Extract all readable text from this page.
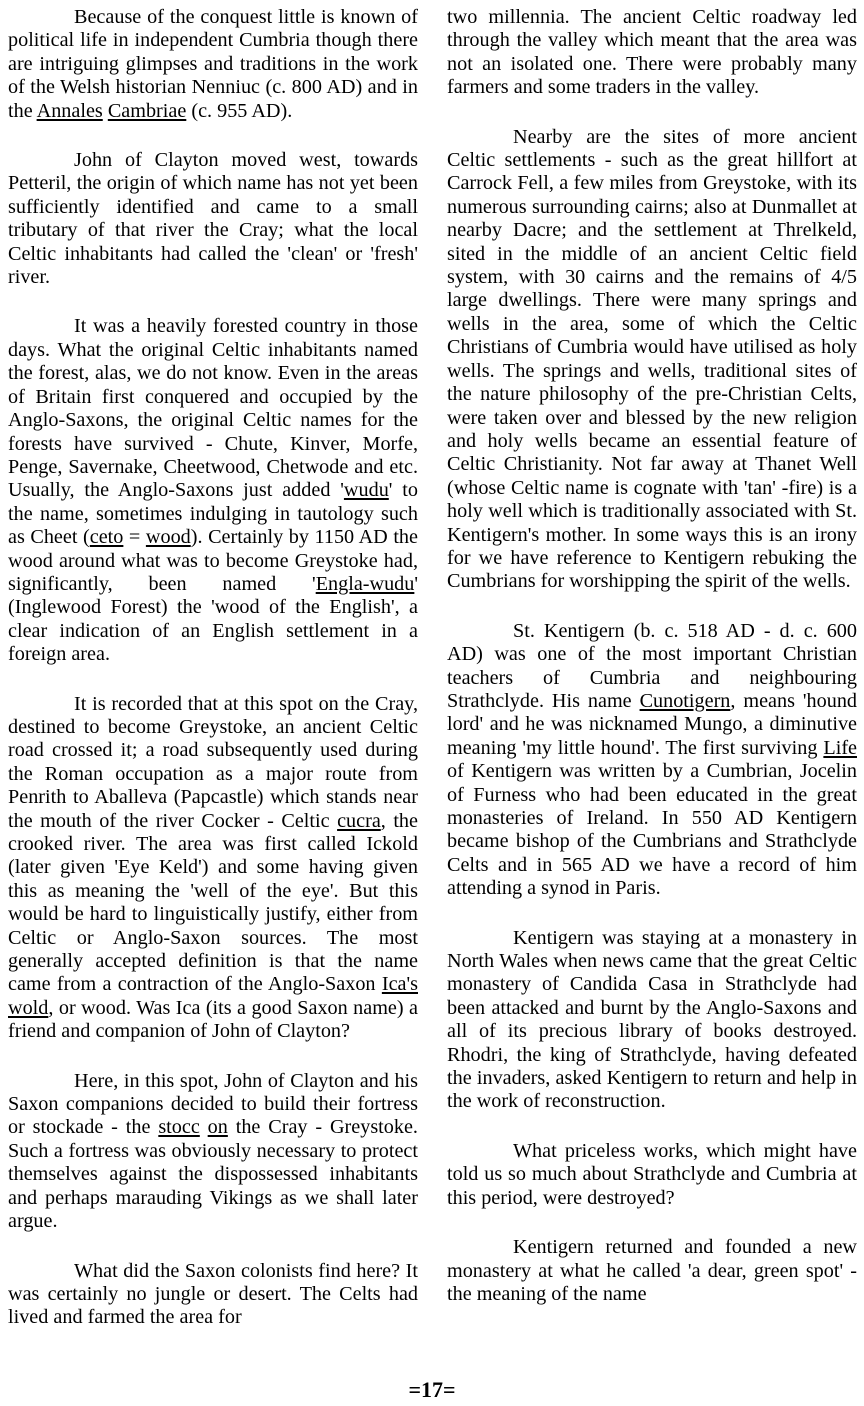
Because of the conquest little is known of political life in independent Cumbria though there are intriguing glimpses and traditions in the work of the Welsh historian Nenniuc (c. 800 AD) and in the Annales Cambriae (c. 955 AD).

John of Clayton moved west, towards Petteril, the origin of which name has not yet been sufficiently identified and came to a small tributary of that river the Cray; what the local Celtic inhabitants had called the 'clean' or 'fresh' river.

It was a heavily forested country in those days. What the original Celtic inhabitants named the forest, alas, we do not know. Even in the areas of Britain first conquered and occupied by the Anglo-Saxons, the original Celtic names for the forests have survived - Chute, Kinver, Morfe, Penge, Savernake, Cheetwood, Chetwode and etc. Usually, the Anglo-Saxons just added 'wudu' to the name, sometimes indulging in tautology such as Cheet (ceto = wood). Certainly by 1150 AD the wood around what was to become Greystoke had, significantly, been named 'Engla-wudu' (Inglewood Forest) the 'wood of the English', a clear indication of an English settlement in a foreign area.

It is recorded that at this spot on the Cray, destined to become Greystoke, an ancient Celtic road crossed it; a road subsequently used during the Roman occupation as a major route from Penrith to Aballeva (Papcastle) which stands near the mouth of the river Cocker - Celtic cucra, the crooked river. The area was first called Ickold (later given 'Eye Keld') and some having given this as meaning the 'well of the eye'. But this would be hard to linguistically justify, either from Celtic or Anglo-Saxon sources. The most generally accepted definition is that the name came from a contraction of the Anglo-Saxon Ica's wold, or wood. Was Ica (its a good Saxon name) a friend and companion of John of Clayton?

Here, in this spot, John of Clayton and his Saxon companions decided to build their fortress or stockade - the stocc on the Cray - Greystoke. Such a fortress was obviously necessary to protect themselves against the dispossessed inhabitants and perhaps marauding Vikings as we shall later argue.

What did the Saxon colonists find here? It was certainly no jungle or desert. The Celts had lived and farmed the area for

two millennia. The ancient Celtic roadway led through the valley which meant that the area was not an isolated one. There were probably many farmers and some traders in the valley.

Nearby are the sites of more ancient Celtic settlements - such as the great hillfort at Carrock Fell, a few miles from Greystoke, with its numerous surrounding cairns; also at Dunmallet at nearby Dacre; and the settlement at Threlkeld, sited in the middle of an ancient Celtic field system, with 30 cairns and the remains of 4/5 large dwellings. There were many springs and wells in the area, some of which the Celtic Christians of Cumbria would have utilised as holy wells. The springs and wells, traditional sites of the nature philosophy of the pre-Christian Celts, were taken over and blessed by the new religion and holy wells became an essential feature of Celtic Christianity. Not far away at Thanet Well (whose Celtic name is cognate with 'tan' -fire) is a holy well which is traditionally associated with St. Kentigern's mother. In some ways this is an irony for we have reference to Kentigern rebuking the Cumbrians for worshipping the spirit of the wells.

St. Kentigern (b. c. 518 AD - d. c. 600 AD) was one of the most important Christian teachers of Cumbria and neighbouring Strathclyde. His name Cunotigern, means 'hound lord' and he was nicknamed Mungo, a diminutive meaning 'my little hound'. The first surviving Life of Kentigern was written by a Cumbrian, Jocelin of Furness who had been educated in the great monasteries of Ireland. In 550 AD Kentigern became bishop of the Cumbrians and Strathclyde Celts and in 565 AD we have a record of him attending a synod in Paris.

Kentigern was staying at a monastery in North Wales when news came that the great Celtic monastery of Candida Casa in Strathclyde had been attacked and burnt by the Anglo-Saxons and all of its precious library of books destroyed. Rhodri, the king of Strathclyde, having defeated the invaders, asked Kentigern to return and help in the work of reconstruction.

What priceless works, which might have told us so much about Strathclyde and Cumbria at this period, were destroyed?

Kentigern returned and founded a new monastery at what he called 'a dear, green spot' - the meaning of the name

=17=
